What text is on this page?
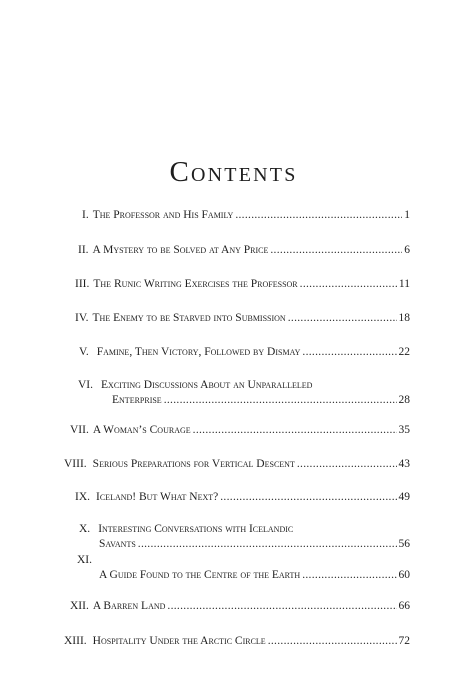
Contents
I. The Professor and His Family .....	1
II. A Mystery to be Solved at Any Price .....	6
III. The Runic Writing Exercises the Professor .....	11
IV. The Enemy to be Starved into Submission .....	18
V. Famine, Then Victory, Followed by Dismay .....	22
VI. Exciting Discussions About an Unparalleled
Enterprise .....	28
VII. A Woman’s Courage .....	35
VIII. Serious Preparations for Vertical Descent .....	43
IX. Iceland! But What Next? .....	49
X. Interesting Conversations with Icelandic
Savants .....	56
XI.
A Guide Found to the Centre of the Earth .....	60
XII. A Barren Land .....	66
XIII. Hospitality Under the Arctic Circle .....	72
